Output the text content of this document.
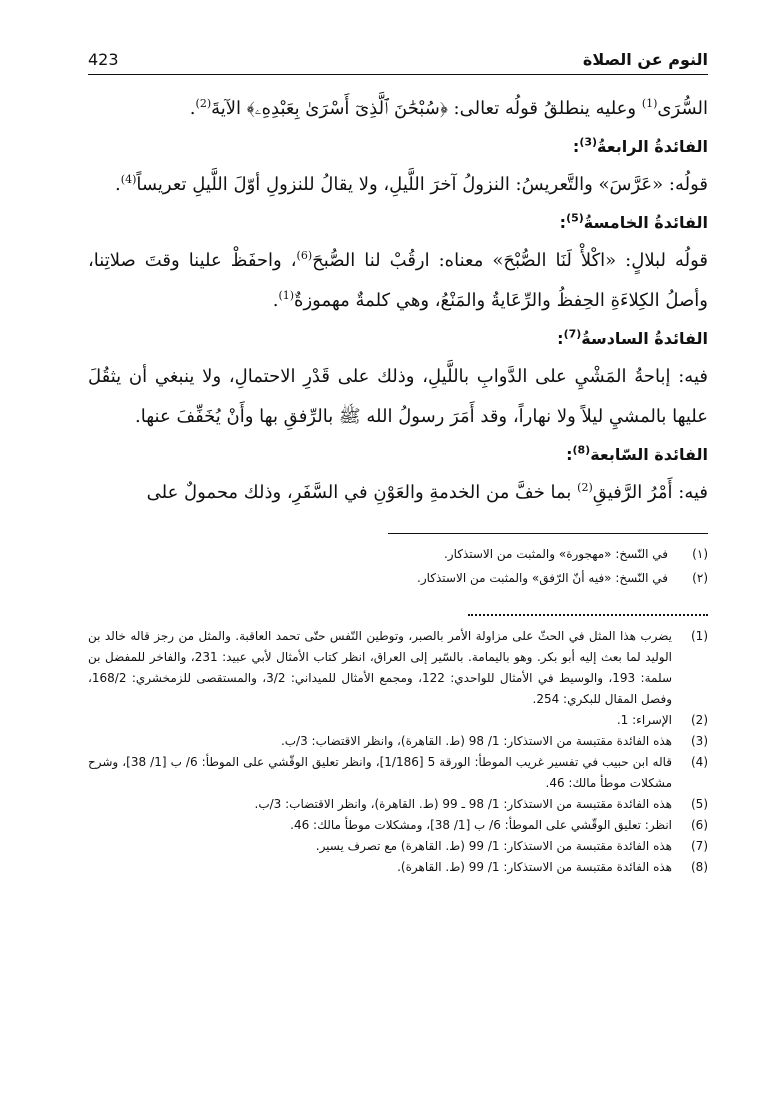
النوم عن الصلاة
423

السُّرَى$^{(1)}$ وعليه ينطلقُ قولُه تعالى: ﴿سُبْحَٰنَ ٱلَّذِىٓ أَسْرَىٰ بِعَبْدِهِۦ﴾ الآيةَ$^{(2)}$.

الفائدةُ الرابعةُ$^{(3)}$:

قولُه: «عَرَّسَ» والتَّعريسُ: النزولُ آخرَ اللَّيلِ، ولا يقالُ للنزولِ أوّلَ اللَّيلِ تعريساً$^{(4)}$.

الفائدةُ الخامسةُ$^{(5)}$:

قولُه لبلالٍ: «اكْلأْ لَنَا الصُّبْحَ» معناه: ارقُبْ لنا الصُّبحَ$^{(6)}$، واحفَظْ علينا وقتَ صلاتِنا، وأصلُ الكِلاءَةِ الحِفظُ والرِّعَايةُ والمَنْعُ، وهي كلمةٌ مهموزةٌ$^{(1)}$.

الفائدةُ السادسةُ$^{(7)}$:

فيه: إباحةُ المَشْيِ على الدَّوابِ باللَّيلِ، وذلك على قَدْرِ الاحتمالِ، ولا ينبغي أن يثقُلَ عليها بالمشيِ ليلاً ولا نهاراً، وقد أَمَرَ رسولُ الله ﷺ بالرِّفقِ بها وأَنْ يُخَفِّفَ عنها.

الفائدة السّابعة$^{(8)}$:

فيه: أَمْرُ الرَّفيقِ$^{(2)}$ بما خفَّ من الخدمةِ والعَوْنِ في السَّفَرِ، وذلك محمولٌ على

(١)
في النّسخ: «مهجورة» والمثبت من الاستذكار.

(٢)
في النّسخ: «فيه أنّ الرّفق» والمثبت من الاستذكار.

(1)
يضرب هذا المثل في الحثّ على مزاولة الأمر بالصبر، وتوطين النّفس حتّى تحمد العاقبة. والمثل من رجز قاله خالد بن الوليد لما بعث إليه أبو بكر. وهو باليمامة. بالسّير إلى العراق، انظر كتاب الأمثال لأبي عبيد: 231، والفاخر للمفضل بن سلمة: 193، والوسيط في الأمثال للواحدي: 122، ومجمع الأمثال للميداني: 3/2، والمستقصى للزمخشري: 168/2، وفصل المقال للبكري: 254.

(2)
الإسراء: 1.

(3)
هذه الفائدة مقتبسة من الاستذكار: 1/ 98 (ط. القاهرة)، وانظر الاقتضاب: 3/ب.

(4)
قاله ابن حبيب في تفسير غريب الموطأ: الورقة 5 [1/186]، وانظر تعليق الوقّشي على الموطأ: 6/ ب [1/ 38]، وشرح مشكلات موطأ مالك: 46.

(5)
هذه الفائدة مقتبسة من الاستذكار: 1/ 98 ـ 99 (ط. القاهرة)، وانظر الاقتضاب: 3/ب.

(6)
انظر: تعليق الوقّشي على الموطأ: 6/ ب [1/ 38]، ومشكلات موطأ مالك: 46.

(7)
هذه الفائدة مقتبسة من الاستذكار: 1/ 99 (ط. القاهرة) مع تصرف يسير.

(8)
هذه الفائدة مقتبسة من الاستذكار: 1/ 99 (ط. القاهرة).
